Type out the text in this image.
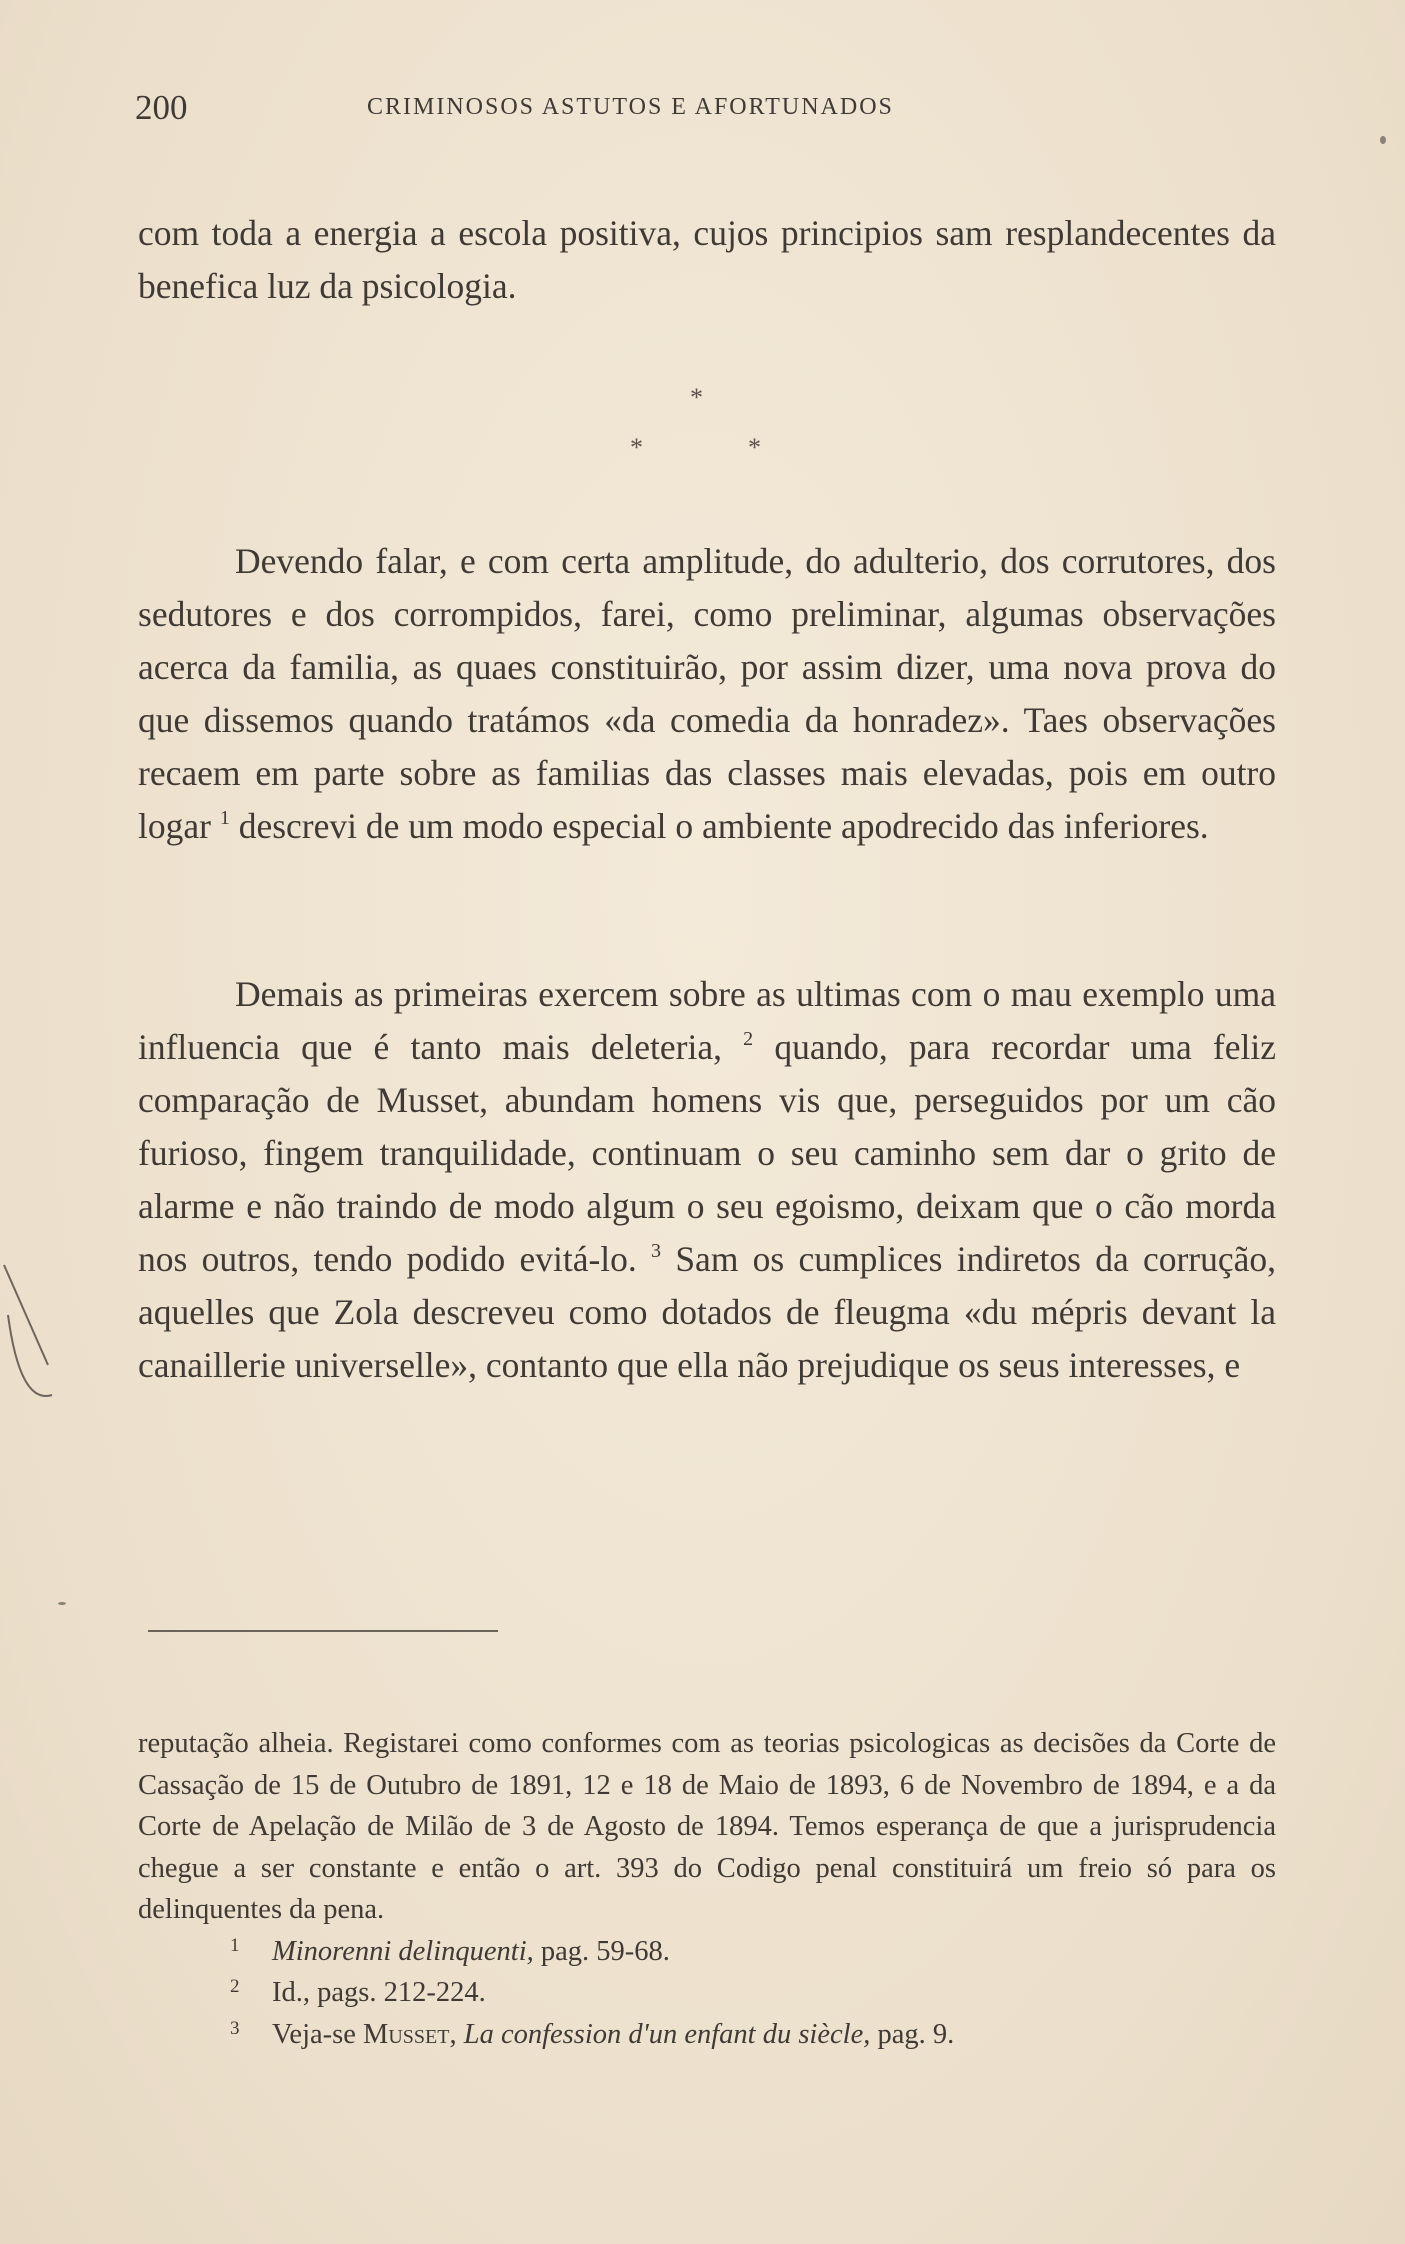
200	CRIMINOSOS ASTUTOS E AFORTUNADOS

com toda a energia a escola positiva, cujos principios sam resplandecentes da benefica luz da psicologia.

*
*	*

Devendo falar, e com certa amplitude, do adulterio, dos corrutores, dos sedutores e dos corrompidos, farei, como preliminar, algumas observações acerca da familia, as quaes constituirão, por assim dizer, uma nova prova do que dissemos quando tratámos «da comedia da honradez». Taes observações recaem em parte sobre as familias das classes mais elevadas, pois em outro logar $^1$ descrevi de um modo especial o ambiente apodrecido das inferiores.

Demais as primeiras exercem sobre as ultimas com o mau exemplo uma influencia que é tanto mais deleteria, $^2$ quando, para recordar uma feliz comparação de Musset, abundam homens vis que, perseguidos por um cão furioso, fingem tranquilidade, continuam o seu caminho sem dar o grito de alarme e não traindo de modo algum o seu egoismo, deixam que o cão morda nos outros, tendo podido evitá-lo. $^3$ Sam os cumplices indiretos da corrução, aquelles que Zola descreveu como dotados de fleugma «du mépris devant la canaillerie universelle», contanto que ella não prejudique os seus interesses, e

reputação alheia. Registarei como conformes com as teorias psicologicas as decisões da Corte de Cassação de 15 de Outubro de 1891, 12 e 18 de Maio de 1893, 6 de Novembro de 1894, e a da Corte de Apelação de Milão de 3 de Agosto de 1894. Temos esperança de que a jurisprudencia chegue a ser constante e então o art. 393 do Codigo penal constituirá um freio só para os delinquentes da pena.

1	Minorenni delinquenti, pag. 59-68.

2	Id., pags. 212-224.

3	Veja-se Musset, La confession d'un enfant du siècle, pag. 9.
